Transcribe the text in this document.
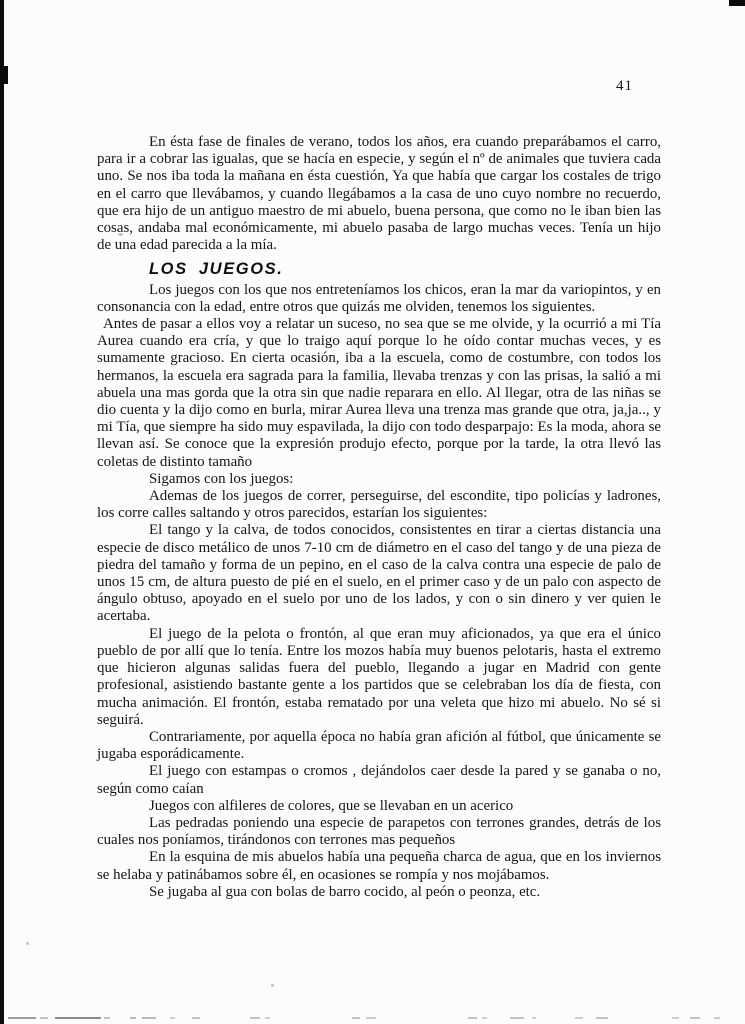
41

En ésta fase de finales de verano, todos los años, era cuando preparábamos el carro, para ir a cobrar las igualas, que se hacía en especie, y según el nº de animales que tuviera cada uno. Se nos iba toda la mañana en ésta cuestión, Ya que había que cargar los costales de trigo en el carro que llevábamos, y cuando llegábamos a la casa de uno cuyo nombre no recuerdo, que era hijo de un antiguo maestro de mi abuelo, buena persona, que como no le iban bien las cosas, andaba mal económicamente, mi abuelo pasaba de largo muchas veces. Tenía un hijo de una edad parecida a la mía.

LOS JUEGOS.

Los juegos con los que nos entreteníamos los chicos, eran la mar da variopintos, y en consonancia con la edad, entre otros que quizás me olviden, tenemos los siguientes.

Antes de pasar a ellos voy a relatar un suceso, no sea que se me olvide, y la ocurrió a mi Tía Aurea cuando era cría, y que lo traigo aquí porque lo he oído contar muchas veces, y es sumamente gracioso. En cierta ocasión, iba a la escuela, como de costumbre, con todos los hermanos, la escuela era sagrada para la familia, llevaba trenzas y con las prisas, la salió a mi abuela una mas gorda que la otra sin que nadie reparara en ello. Al llegar, otra de las niñas se dio cuenta y la dijo como en burla, mirar Aurea lleva una trenza mas grande que otra, ja,ja.., y mi Tía, que siempre ha sido muy espavilada, la dijo con todo desparpajo: Es la moda, ahora se llevan así. Se conoce que la expresión produjo efecto, porque por la tarde, la otra llevó las coletas de distinto tamaño

Sigamos con los juegos:

Ademas de los juegos de correr, perseguirse, del escondite, tipo policías y ladrones, los corre calles saltando y otros parecidos, estarían los siguientes:

El tango y la calva, de todos conocidos, consistentes en tirar a ciertas distancia una especie de disco metálico de unos 7-10 cm de diámetro en el caso del tango y de una pieza de piedra del tamaño y forma de un pepino, en el caso de la calva contra una especie de palo de unos 15 cm, de altura puesto de pié en el suelo, en el primer caso y de un palo con aspecto de ángulo obtuso, apoyado en el suelo por uno de los lados, y con o sin dinero y ver quien le acertaba.

El juego de la pelota o frontón, al que eran muy aficionados, ya que era el único pueblo de por allí que lo tenía. Entre los mozos había muy buenos pelotaris, hasta el extremo que hicieron algunas salidas fuera del pueblo, llegando a jugar en Madrid con gente profesional, asistiendo bastante gente a los partidos que se celebraban los día de fiesta, con mucha animación. El frontón, estaba rematado por una veleta que hizo mi abuelo. No sé si seguirá.

Contrariamente, por aquella época no había gran afición al fútbol, que únicamente se jugaba esporádicamente.

El juego con estampas o cromos , dejándolos caer desde la pared y se ganaba o no, según como caían

Juegos con alfileres de colores, que se llevaban en un acerico

Las pedradas poniendo una especie de parapetos con terrones grandes, detrás de los cuales nos poníamos, tirándonos con terrones mas pequeños

En la esquina de mis abuelos había una pequeña charca de agua, que en los inviernos se helaba y patinábamos sobre él, en ocasiones se rompía y nos mojábamos.

Se jugaba al gua con bolas de barro cocido, al peón o peonza, etc.
